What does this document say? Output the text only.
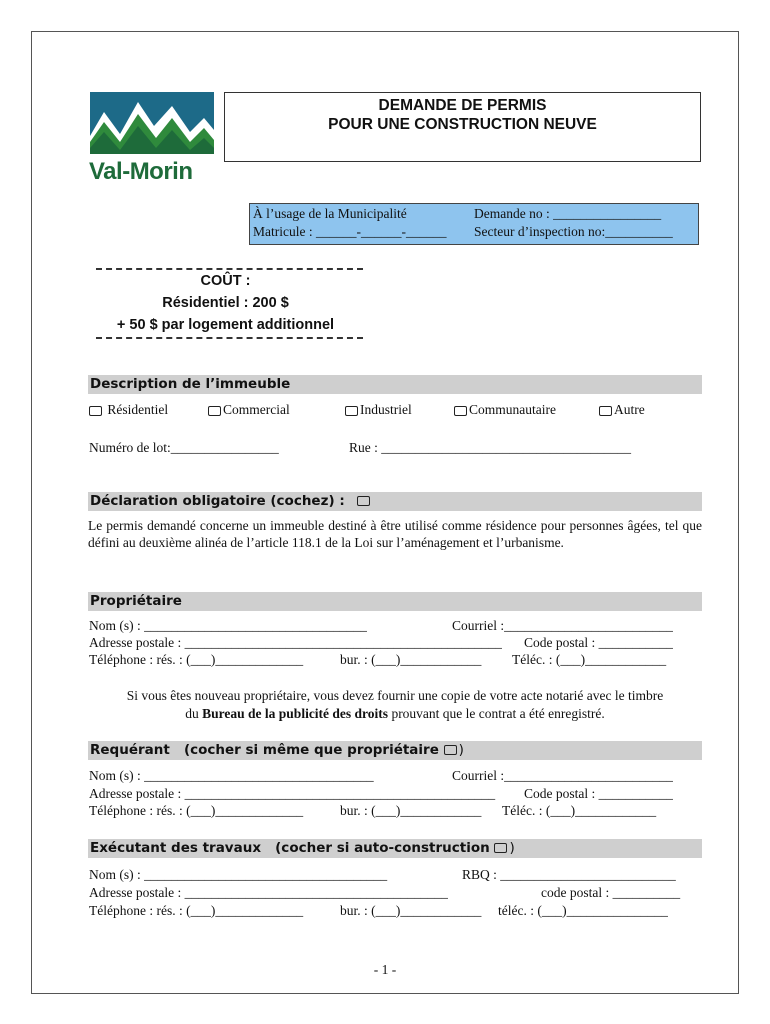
Val-Morin
DEMANDE DE PERMIS
POUR UNE CONSTRUCTION NEUVE
À l’usage de la Municipalité	Demande no : ________________
Matricule : ______-______-______ Secteur d’inspection no:__________
COÛT :
Résidentiel : 200 $
+ 50 $ par logement additionnel
Description de l’immeuble
Résidentiel	Commercial	Industriel	Communautaire	Autre
Numéro de lot:________________	Rue : _____________________________________
Déclaration obligatoire (cochez) :
Le permis demandé concerne un immeuble destiné à être utilisé comme résidence pour personnes âgées, tel que défini au deuxième alinéa de l’article 118.1 de la Loi sur l’aménagement et l’urbanisme.
Propriétaire
Nom (s) : _________________________________	Courriel :_________________________
Adresse postale : _______________________________________________ Code postal : ___________
Téléphone : rés. : (___)_____________	bur. : (___)____________ Téléc. : (___)____________
Si vous êtes nouveau propriétaire, vous devez fournir une copie de votre acte notarié avec le timbre
du Bureau de la publicité des droits prouvant que le contrat a été enregistré.
Requérant (cocher si même que propriétaire )
Nom (s) : __________________________________	Courriel :_________________________
Adresse postale : ______________________________________________ Code postal : ___________
Téléphone : rés. : (___)_____________	bur. : (___)____________ Téléc. : (___)____________
Exécutant des travaux (cocher si auto-construction )
Nom (s) : ____________________________________	RBQ : __________________________
Adresse postale : _______________________________________	code postal : __________
Téléphone : rés. : (___)_____________	bur. : (___)____________ téléc. : (___)_______________
- 1 -
